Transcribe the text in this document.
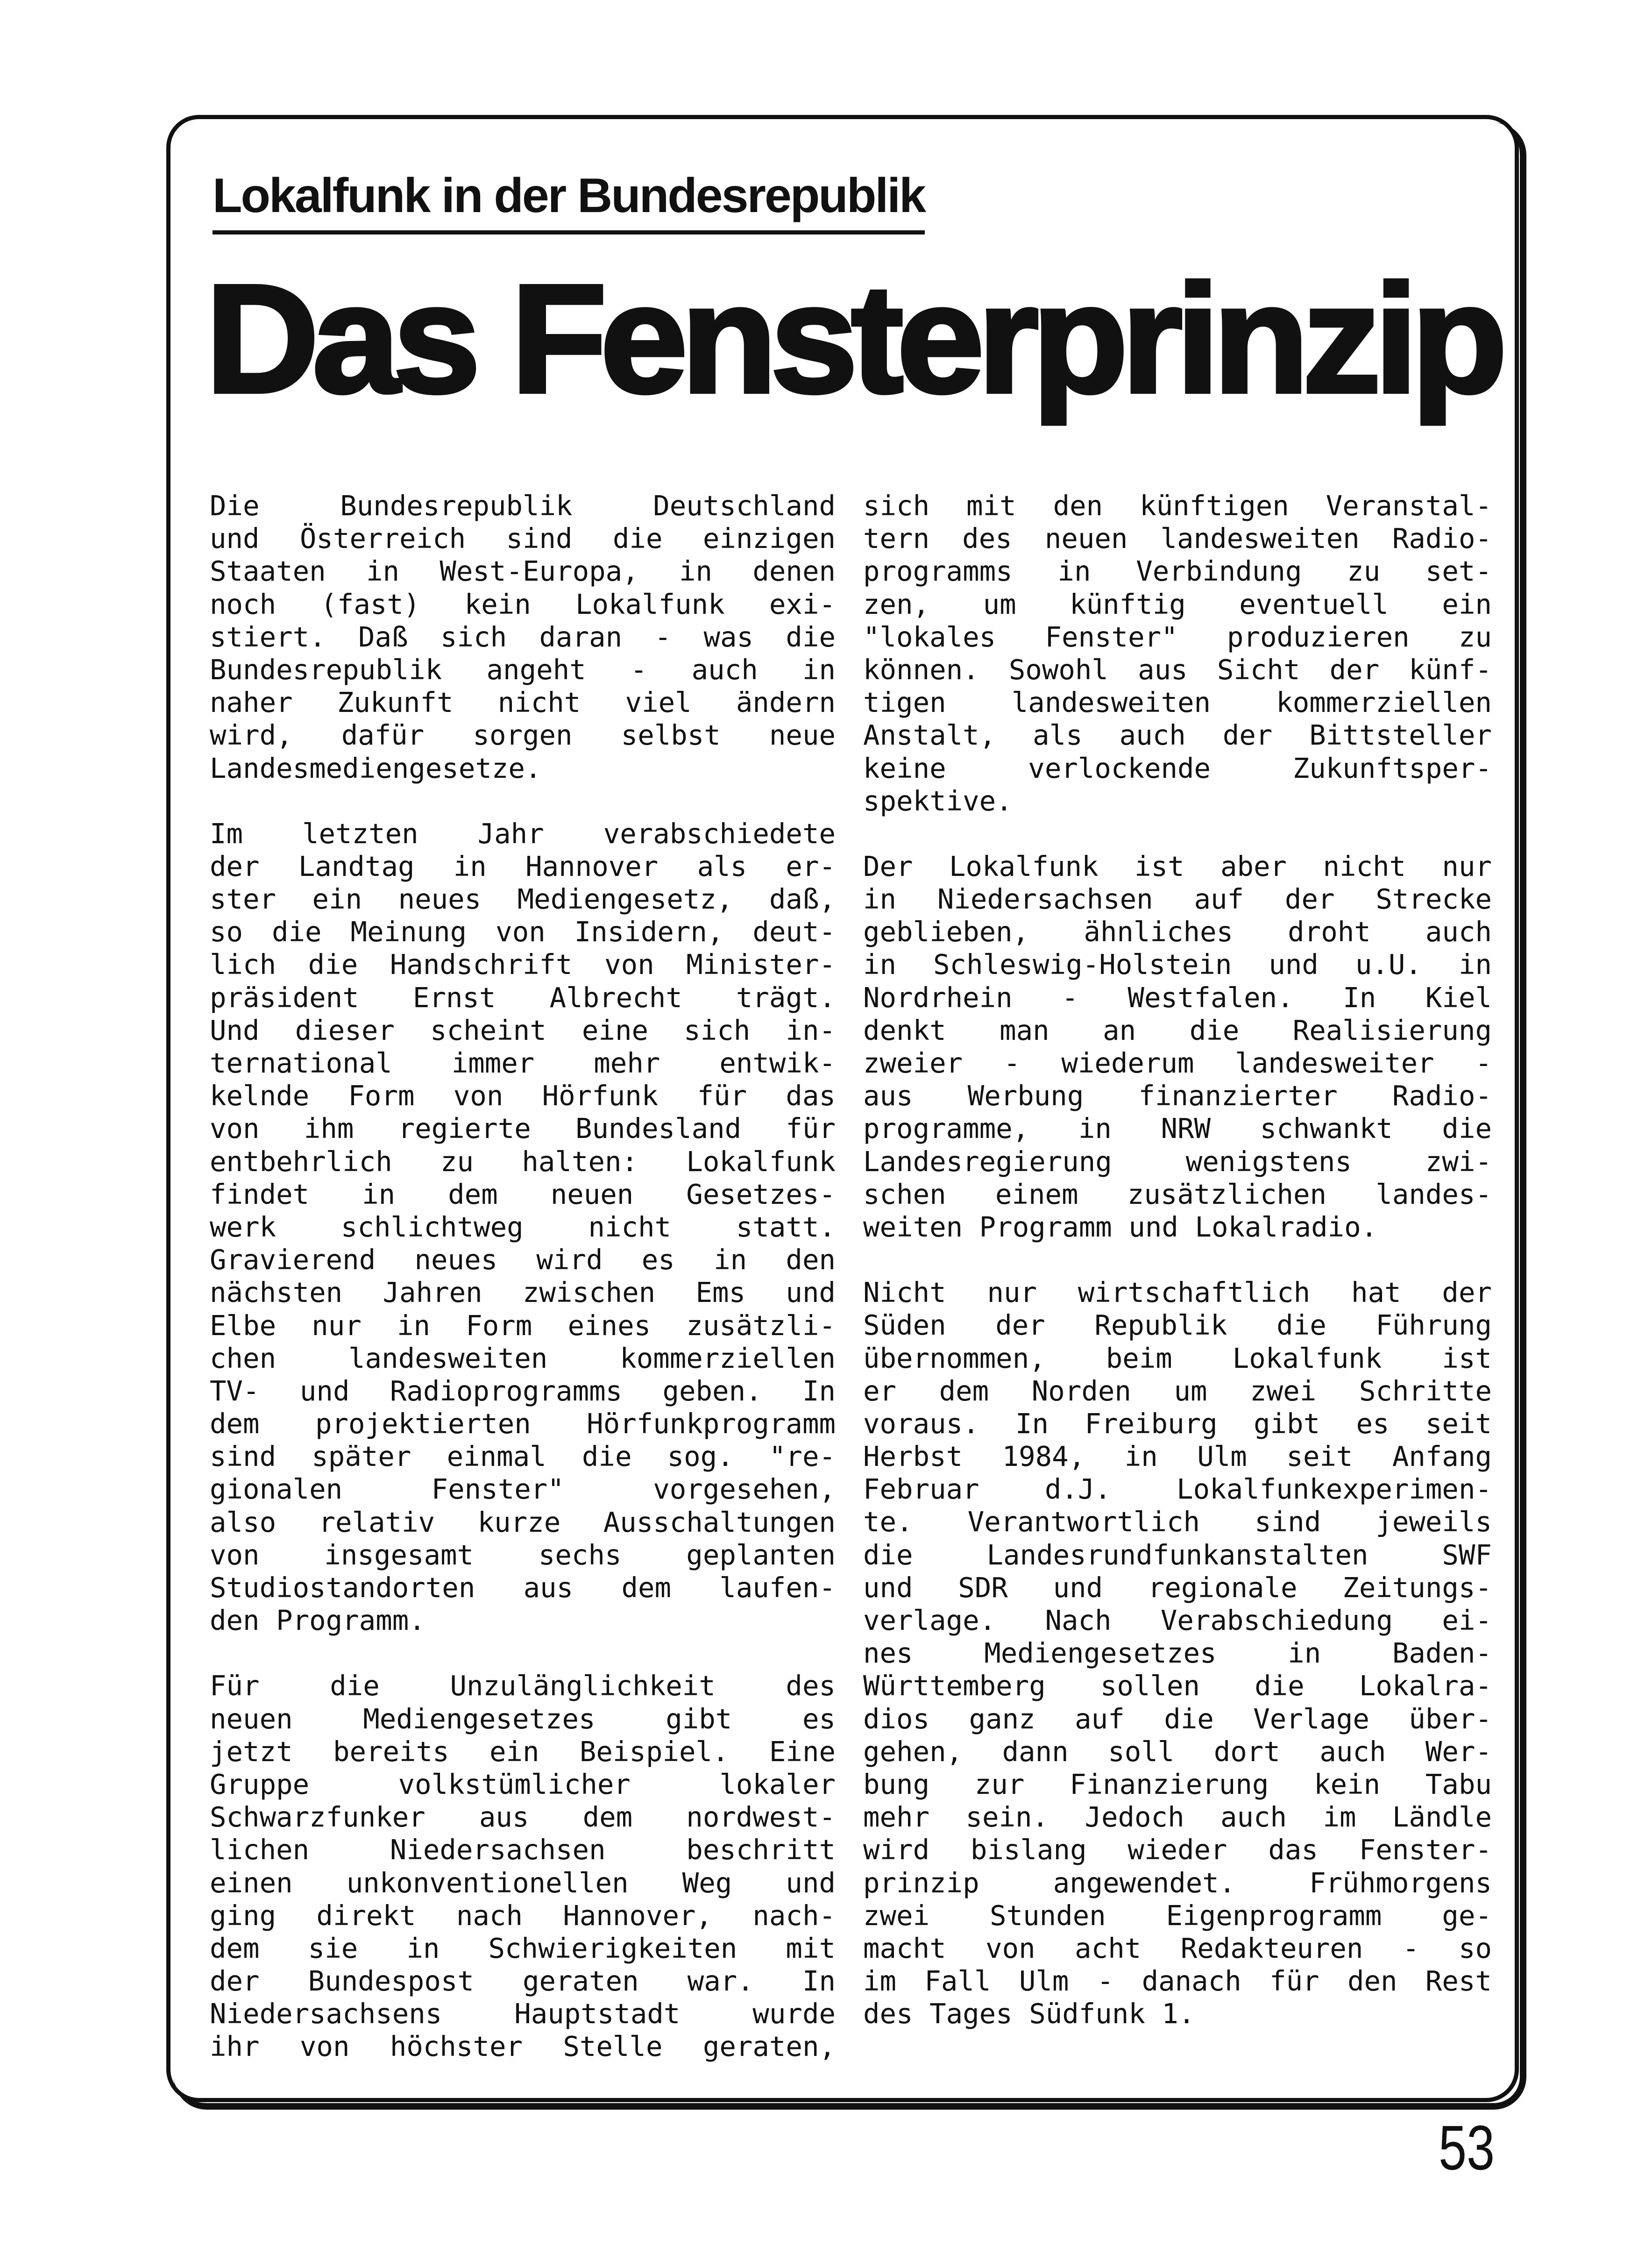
Lokalfunk in der Bundesrepublik
Das Fensterprinzip
Die Bundesrepublik Deutschland
und Österreich sind die einzigen
Staaten in West-Europa, in denen
noch (fast) kein Lokalfunk exi-
stiert. Daß sich daran - was die
Bundesrepublik angeht - auch in
naher Zukunft nicht viel ändern
wird, dafür sorgen selbst neue
Landesmediengesetze.
Im letzten Jahr verabschiedete
der Landtag in Hannover als er-
ster ein neues Mediengesetz, daß,
so die Meinung von Insidern, deut-
lich die Handschrift von Minister-
präsident Ernst Albrecht trägt.
Und dieser scheint eine sich in-
ternational immer mehr entwik-
kelnde Form von Hörfunk für das
von ihm regierte Bundesland für
entbehrlich zu halten: Lokalfunk
findet in dem neuen Gesetzes-
werk schlichtweg nicht statt.
Gravierend neues wird es in den
nächsten Jahren zwischen Ems und
Elbe nur in Form eines zusätzli-
chen landesweiten kommerziellen
TV- und Radioprogramms geben. In
dem projektierten Hörfunkprogramm
sind später einmal die sog. "re-
gionalen Fenster" vorgesehen,
also relativ kurze Ausschaltungen
von insgesamt sechs geplanten
Studiostandorten aus dem laufen-
den Programm.
Für die Unzulänglichkeit des
neuen Mediengesetzes gibt es
jetzt bereits ein Beispiel. Eine
Gruppe volkstümlicher lokaler
Schwarzfunker aus dem nordwest-
lichen Niedersachsen beschritt
einen unkonventionellen Weg und
ging direkt nach Hannover, nach-
dem sie in Schwierigkeiten mit
der Bundespost geraten war. In
Niedersachsens Hauptstadt wurde
ihr von höchster Stelle geraten,
sich mit den künftigen Veranstal-
tern des neuen landesweiten Radio-
programms in Verbindung zu set-
zen, um künftig eventuell ein
"lokales Fenster" produzieren zu
können. Sowohl aus Sicht der künf-
tigen landesweiten kommerziellen
Anstalt, als auch der Bittsteller
keine verlockende Zukunftsper-
spektive.
Der Lokalfunk ist aber nicht nur
in Niedersachsen auf der Strecke
geblieben, ähnliches droht auch
in Schleswig-Holstein und u.U. in
Nordrhein - Westfalen. In Kiel
denkt man an die Realisierung
zweier - wiederum landesweiter -
aus Werbung finanzierter Radio-
programme, in NRW schwankt die
Landesregierung wenigstens zwi-
schen einem zusätzlichen landes-
weiten Programm und Lokalradio.
Nicht nur wirtschaftlich hat der
Süden der Republik die Führung
übernommen, beim Lokalfunk ist
er dem Norden um zwei Schritte
voraus. In Freiburg gibt es seit
Herbst 1984, in Ulm seit Anfang
Februar d.J. Lokalfunkexperimen-
te. Verantwortlich sind jeweils
die Landesrundfunkanstalten SWF
und SDR und regionale Zeitungs-
verlage. Nach Verabschiedung ei-
nes Mediengesetzes in Baden-
Württemberg sollen die Lokalra-
dios ganz auf die Verlage über-
gehen, dann soll dort auch Wer-
bung zur Finanzierung kein Tabu
mehr sein. Jedoch auch im Ländle
wird bislang wieder das Fenster-
prinzip angewendet. Frühmorgens
zwei Stunden Eigenprogramm ge-
macht von acht Redakteuren - so
im Fall Ulm - danach für den Rest
des Tages Südfunk 1.
53
